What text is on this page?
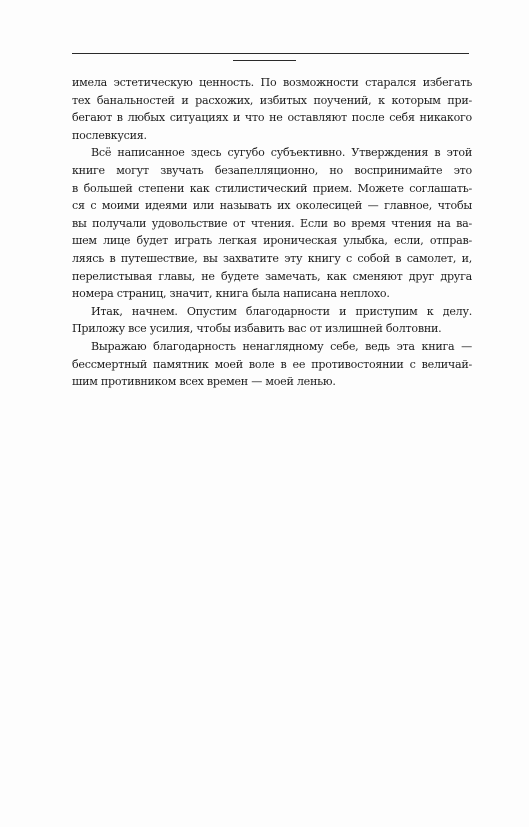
имела эстетическую ценность. По возможности старался избегать
тех банальностей и расхожих, избитых поучений, к которым при-
бегают в любых ситуациях и что не оставляют после себя никакого
послевкусия.
Всё написанное здесь сугубо субъективно. Утверждения в этой
книге могут звучать безапелляционно, но воспринимайте это
в большей степени как стилистический прием. Можете соглашать-
ся с моими идеями или называть их околесицей — главное, чтобы
вы получали удовольствие от чтения. Если во время чтения на ва-
шем лице будет играть легкая ироническая улыбка, если, отправ-
ляясь в путешествие, вы захватите эту книгу с собой в самолет, и,
перелистывая главы, не будете замечать, как сменяют друг друга
номера страниц, значит, книга была написана неплохо.
Итак, начнем. Опустим благодарности и приступим к делу.
Приложу все усилия, чтобы избавить вас от излишней болтовни.
Выражаю благодарность ненаглядному себе, ведь эта книга —
бессмертный памятник моей воле в ее противостоянии с величай-
шим противником всех времен — моей ленью.
